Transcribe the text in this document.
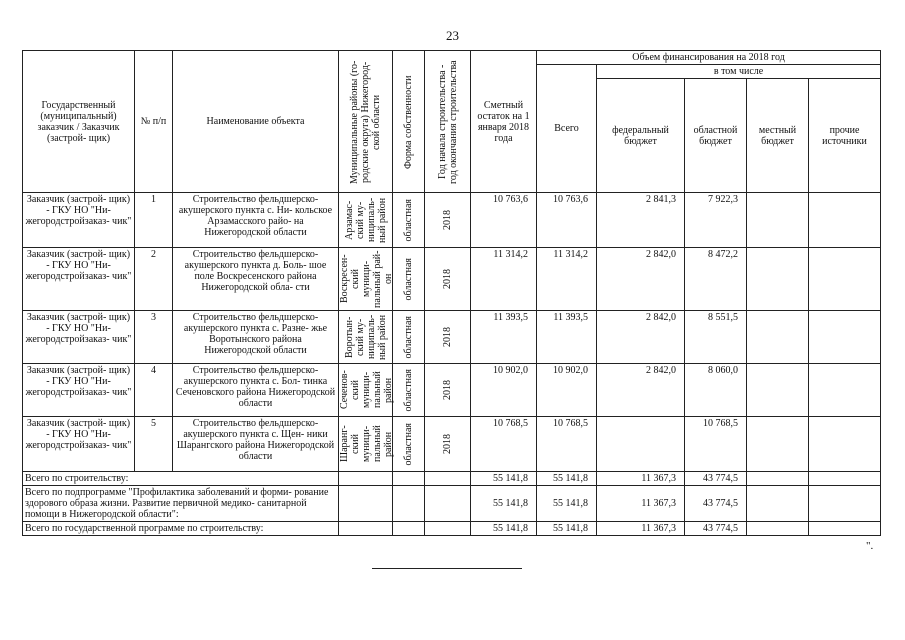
23
Государственный (муниципальный) заказчик / Заказчик (застрой- щик)	№ п/п	Наименование объекта	Муниципальные районы (го- родские округа) Нижегород- ской области	Форма собственности	Год начала строительства - год окончания строительства	Сметный остаток на 1 января 2018 года	Объем финансирования на 2018 год				
							Всего	в том числе			
								федеральный бюджет	областной бюджет	местный бюджет	прочие источники
Заказчик (застрой- щик) - ГКУ НО "Ни- жегородстройзаказ- чик"	1	Строительство фельдшерско- акушерского пункта с. Ни- кольское Арзамасского райо- на Нижегородской области	Арзамас- ский му- ниципаль- ный район	областная	2018	10 763,6	10 763,6	2 841,3	7 922,3		
Заказчик (застрой- щик) - ГКУ НО "Ни- жегородстройзаказ- чик"	2	Строительство фельдшерско- акушерского пункта д. Боль- шое поле Воскресенского района Нижегородской обла- сти	Воскресен- ский муници- пальный рай- он	областная	2018	11 314,2	11 314,2	2 842,0	8 472,2		
Заказчик (застрой- щик) - ГКУ НО "Ни- жегородстройзаказ- чик"	3	Строительство фельдшерско- акушерского пункта с. Разне- жье Воротынского района Нижегородской области	Воротын- ский му- ниципаль- ный район	областная	2018	11 393,5	11 393,5	2 842,0	8 551,5		
Заказчик (застрой- щик) - ГКУ НО "Ни- жегородстройзаказ- чик"	4	Строительство фельдшерско- акушерского пункта с. Бол- тинка Сеченовского района Нижегородской области	Сеченов- ский муници- пальный район	областная	2018	10 902,0	10 902,0	2 842,0	8 060,0		
Заказчик (застрой- щик) - ГКУ НО "Ни- жегородстройзаказ- чик"	5	Строительство фельдшерско- акушерского пункта с. Щен- ники Шарангского района Нижегородской области	Шаранг- ский муници- пальный район	областная	2018	10 768,5	10 768,5		10 768,5		
Всего по строительству:						55 141,8	55 141,8	11 367,3	43 774,5		
Всего по подпрограмме "Профилактика заболеваний и форми- рование здорового образа жизни. Развитие первичной медико- санитарной помощи в Нижегородской области":						55 141,8	55 141,8	11 367,3	43 774,5		
Всего по государственной программе по строительству:						55 141,8	55 141,8	11 367,3	43 774,5		
".
